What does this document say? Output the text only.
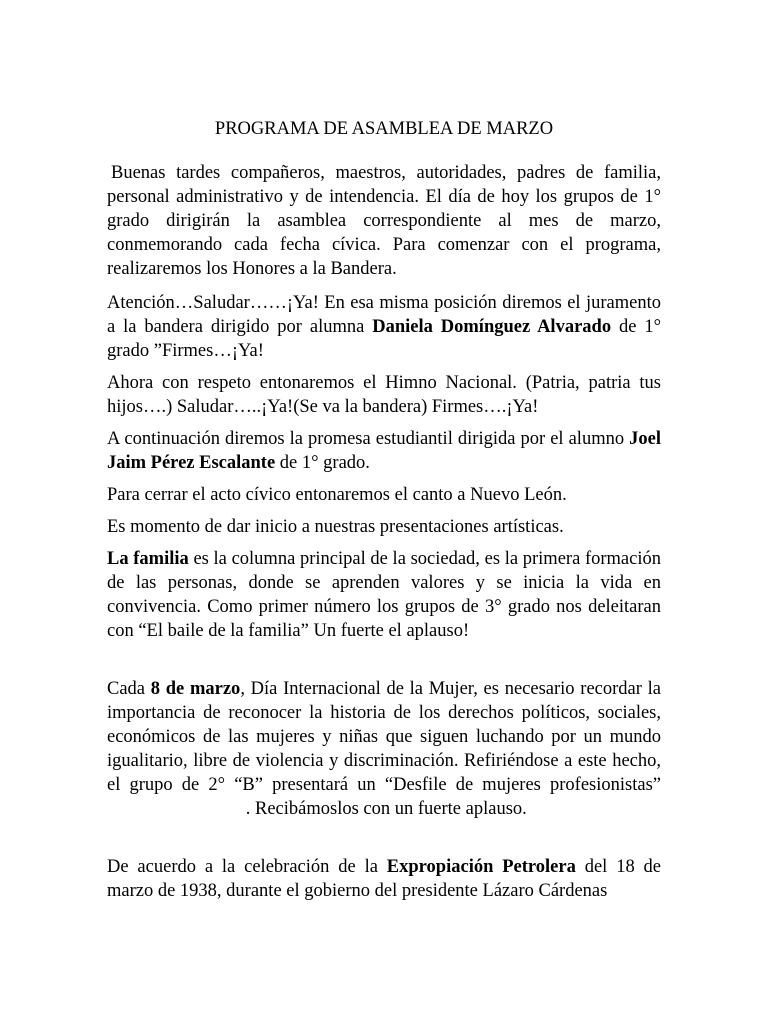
PROGRAMA DE ASAMBLEA DE MARZO

Buenas tardes compañeros, maestros, autoridades, padres de familia, personal administrativo y de intendencia. El día de hoy los grupos de 1° grado dirigirán la asamblea correspondiente al mes de marzo, conmemorando cada fecha cívica. Para comenzar con el programa, realizaremos los Honores a la Bandera.

Atención…Saludar……¡Ya! En esa misma posición diremos el juramento a la bandera dirigido por alumna Daniela Domínguez Alvarado de 1° grado ”Firmes…¡Ya!

Ahora con respeto entonaremos el Himno Nacional. (Patria, patria tus hijos….) Saludar…..¡Ya!(Se va la bandera) Firmes….¡Ya!

A continuación diremos la promesa estudiantil dirigida por el alumno Joel Jaim Pérez Escalante de 1° grado.

Para cerrar el acto cívico entonaremos el canto a Nuevo León.

Es momento de dar inicio a nuestras presentaciones artísticas.

La familia es la columna principal de la sociedad, es la primera formación de las personas, donde se aprenden valores y se inicia la vida en convivencia. Como primer número los grupos de 3° grado nos deleitaran con “El baile de la familia” Un fuerte el aplauso!

Cada 8 de marzo, Día Internacional de la Mujer, es necesario recordar la importancia de reconocer la historia de los derechos políticos, sociales, económicos de las mujeres y niñas que siguen luchando por un mundo igualitario, libre de violencia y discriminación. Refiriéndose a este hecho, el grupo de 2° “B” presentará un “Desfile de mujeres profesionistas”                              . Recibámoslos con un fuerte aplauso.

De acuerdo a la celebración de la Expropiación Petrolera del 18 de marzo de 1938, durante el gobierno del presidente Lázaro Cárdenas
